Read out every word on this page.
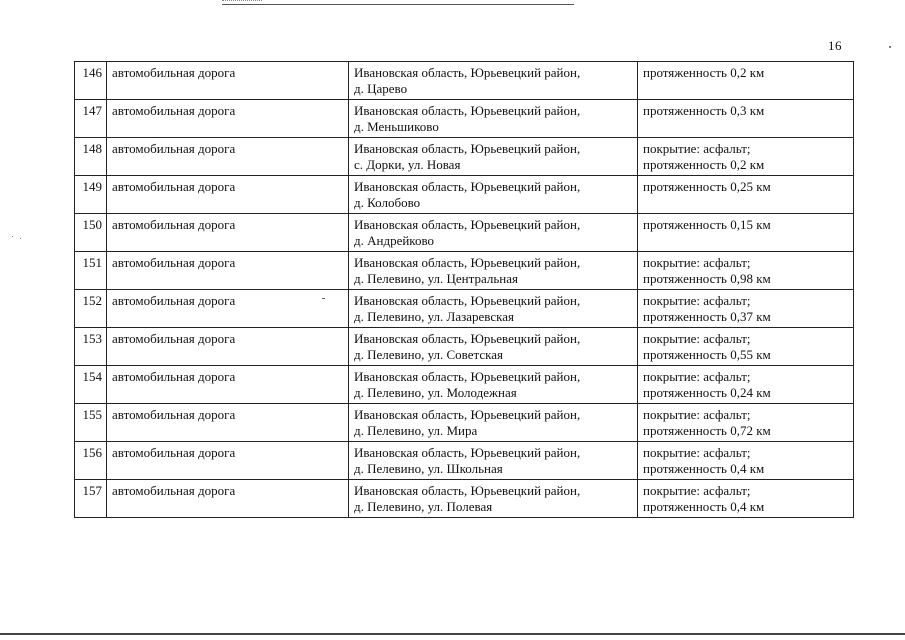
16
146	автомобильная дорога	Ивановская область, Юрьевецкий район,
д. Царево	протяженность 0,2 км

147	автомобильная дорога	Ивановская область, Юрьевецкий район,
д. Меньшиково	протяженность 0,3 км

148	автомобильная дорога	Ивановская область, Юрьевецкий район,
с. Дорки, ул. Новая	покрытие: асфальт;
протяженность 0,2 км

149	автомобильная дорога	Ивановская область, Юрьевецкий район,
д. Колобово	протяженность 0,25 км

150	автомобильная дорога	Ивановская область, Юрьевецкий район,
д. Андрейково	протяженность 0,15 км

151	автомобильная дорога	Ивановская область, Юрьевецкий район,
д. Пелевино, ул. Центральная	покрытие: асфальт;
протяженность 0,98 км

152	автомобильная дорога	Ивановская область, Юрьевецкий район,
д. Пелевино, ул. Лазаревская	покрытие: асфальт;
протяженность 0,37 км

153	автомобильная дорога	Ивановская область, Юрьевецкий район,
д. Пелевино, ул. Советская	покрытие: асфальт;
протяженность 0,55 км

154	автомобильная дорога	Ивановская область, Юрьевецкий район,
д. Пелевино, ул. Молодежная	покрытие: асфальт;
протяженность 0,24 км

155	автомобильная дорога	Ивановская область, Юрьевецкий район,
д. Пелевино, ул. Мира	покрытие: асфальт;
протяженность 0,72 км

156	автомобильная дорога	Ивановская область, Юрьевецкий район,
д. Пелевино, ул. Школьная	покрытие: асфальт;
протяженность 0,4 км

157	автомобильная дорога	Ивановская область, Юрьевецкий район,
д. Пелевино, ул. Полевая	покрытие: асфальт;
протяженность 0,4 км
